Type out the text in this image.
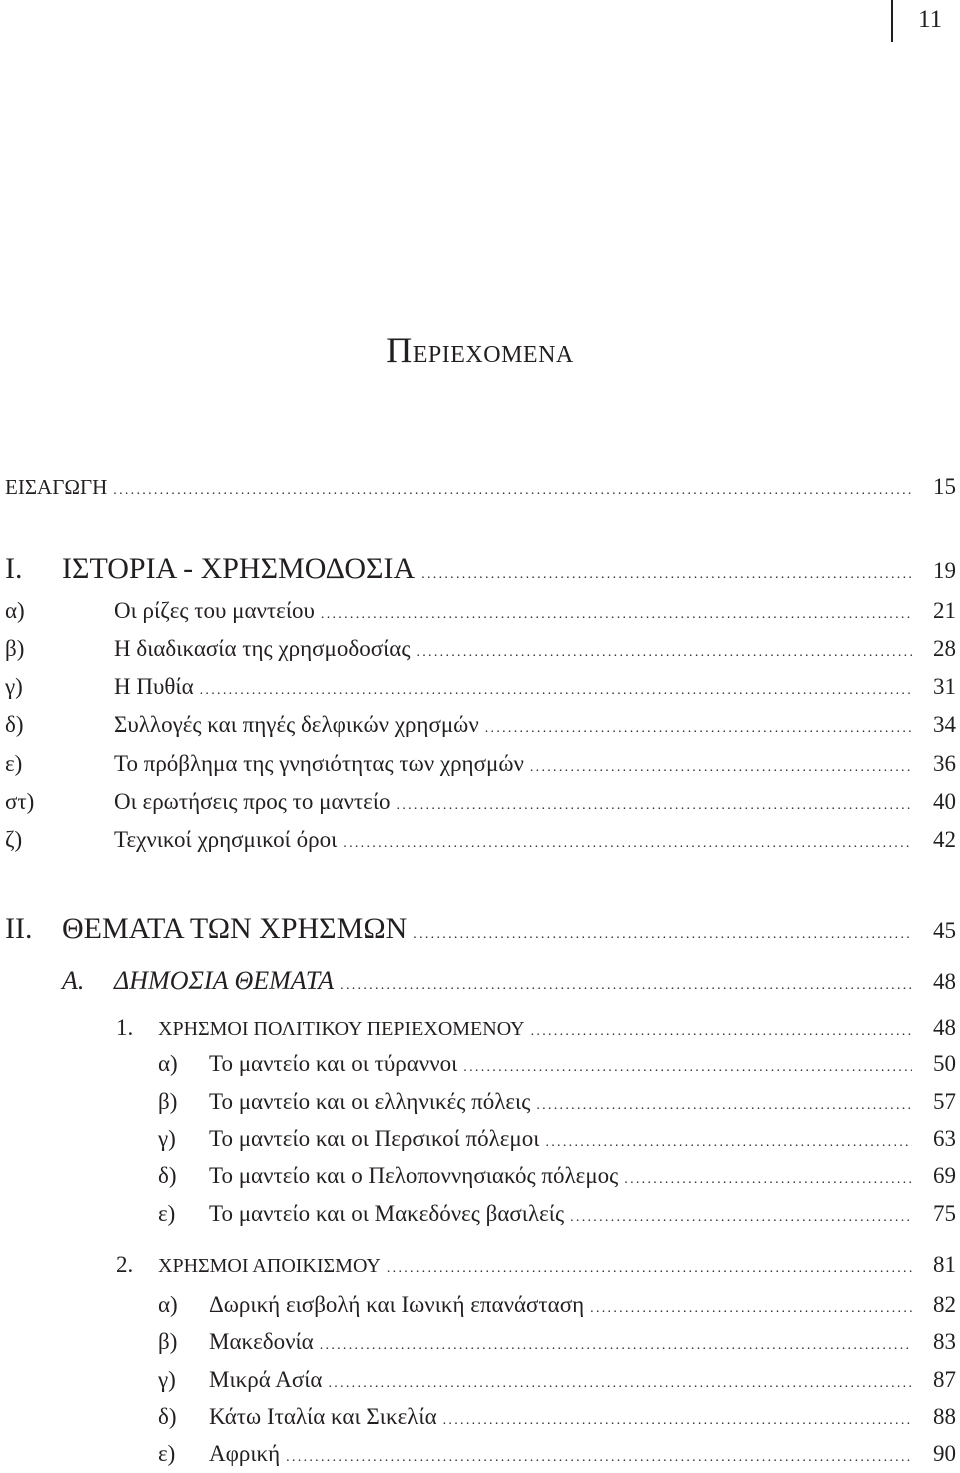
11
ΠΕΡΙΕΧΟΜΕΝΑ
ΕΙΣΑΓΩΓΗ .....	15
I.	ΙΣΤΟΡΙΑ - ΧΡΗΣΜΟΔΟΣΙΑ .....	19
α)	Οι ρίζες του μαντείου .....	21
β)	Η διαδικασία της χρησμοδοσίας .....	28
γ)	Η Πυθία .....	31
δ)	Συλλογές και πηγές δελφικών χρησμών .....	34
ε)	Το πρόβλημα της γνησιότητας των χρησμών .....	36
στ)	Οι ερωτήσεις προς το μαντείο .....	40
ζ)	Τεχνικοί χρησμικοί όροι .....	42
II. ΘΕΜΑΤΑ ΤΩΝ ΧΡΗΣΜΩΝ .....	45
Α.	ΔΗΜΟΣΙΑ ΘΕΜΑΤΑ .....	48
1.	ΧΡΗΣΜΟΙ ΠΟΛΙΤΙΚΟΥ ΠΕΡΙΕΧΟΜΕΝΟΥ .....	48
α)	Το μαντείο και οι τύραννοι .....	50
β)	Το μαντείο και οι ελληνικές πόλεις .....	57
γ)	Το μαντείο και οι Περσικοί πόλεμοι .....	63
δ)	Το μαντείο και ο Πελοποννησιακός πόλεμος .....	69
ε)	Το μαντείο και οι Μακεδόνες βασιλείς .....	75
2.	ΧΡΗΣΜΟΙ ΑΠΟΙΚΙΣΜΟΥ .....	81
α)	Δωρική εισβολή και Ιωνική επανάσταση .....	82
β)	Μακεδονία .....	83
γ)	Μικρά Ασία .....	87
δ)	Κάτω Ιταλία και Σικελία .....	88
ε)	Αφρική .....	90
